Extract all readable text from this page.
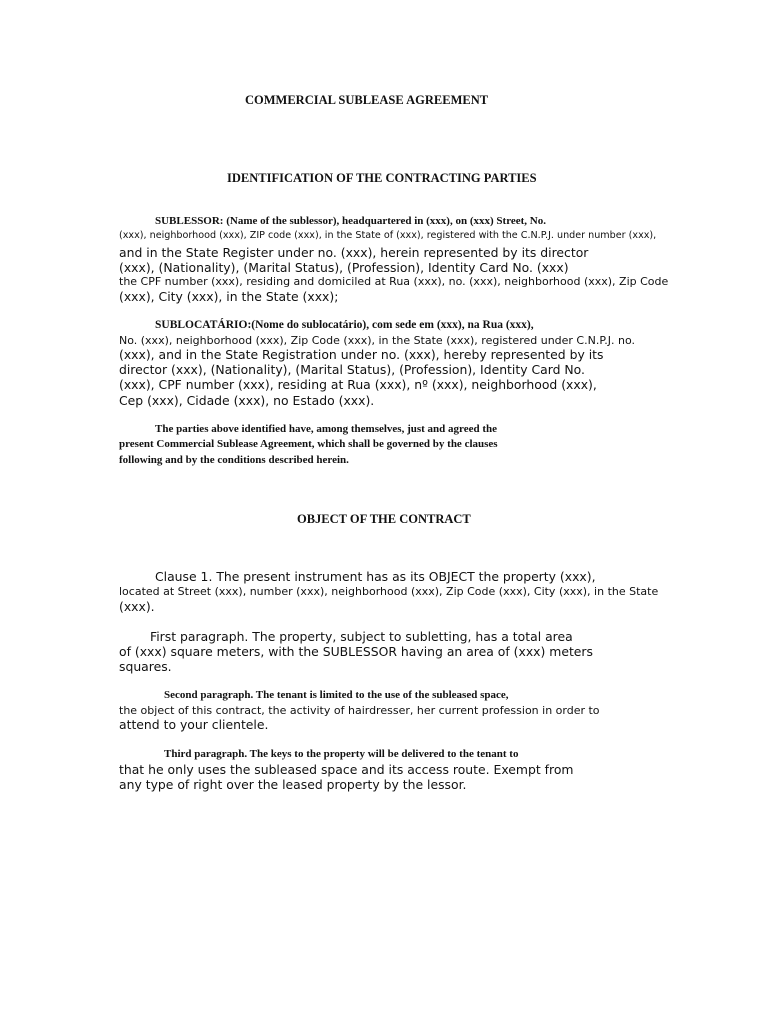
COMMERCIAL SUBLEASE AGREEMENT
IDENTIFICATION OF THE CONTRACTING PARTIES
SUBLESSOR: (Name of the sublessor), headquartered in (xxx), on (xxx) Street, No.
(xxx), neighborhood (xxx), ZIP code (xxx), in the State of (xxx), registered with the C.N.P.J. under number (xxx),
and in the State Register under no. (xxx), herein represented by its director
(xxx), (Nationality), (Marital Status), (Profession), Identity Card No. (xxx)
the CPF number (xxx), residing and domiciled at Rua (xxx), no. (xxx), neighborhood (xxx), Zip Code
(xxx), City (xxx), in the State (xxx);
SUBLOCATÁRIO:(Nome do sublocatário), com sede em (xxx), na Rua (xxx),
No. (xxx), neighborhood (xxx), Zip Code (xxx), in the State (xxx), registered under C.N.P.J. no.
(xxx), and in the State Registration under no. (xxx), hereby represented by its
director (xxx), (Nationality), (Marital Status), (Profession), Identity Card No.
(xxx), CPF number (xxx), residing at Rua (xxx), nº (xxx), neighborhood (xxx),
Cep (xxx), Cidade (xxx), no Estado (xxx).
The parties above identified have, among themselves, just and agreed the
present Commercial Sublease Agreement, which shall be governed by the clauses
following and by the conditions described herein.
OBJECT OF THE CONTRACT
Clause 1. The present instrument has as its OBJECT the property (xxx),
located at Street (xxx), number (xxx), neighborhood (xxx), Zip Code (xxx), City (xxx), in the State
(xxx).
First paragraph. The property, subject to subletting, has a total area
of (xxx) square meters, with the SUBLESSOR having an area of (xxx) meters
squares.
Second paragraph. The tenant is limited to the use of the subleased space,
the object of this contract, the activity of hairdresser, her current profession in order to
attend to your clientele.
Third paragraph. The keys to the property will be delivered to the tenant to
that he only uses the subleased space and its access route. Exempt from
any type of right over the leased property by the lessor.
